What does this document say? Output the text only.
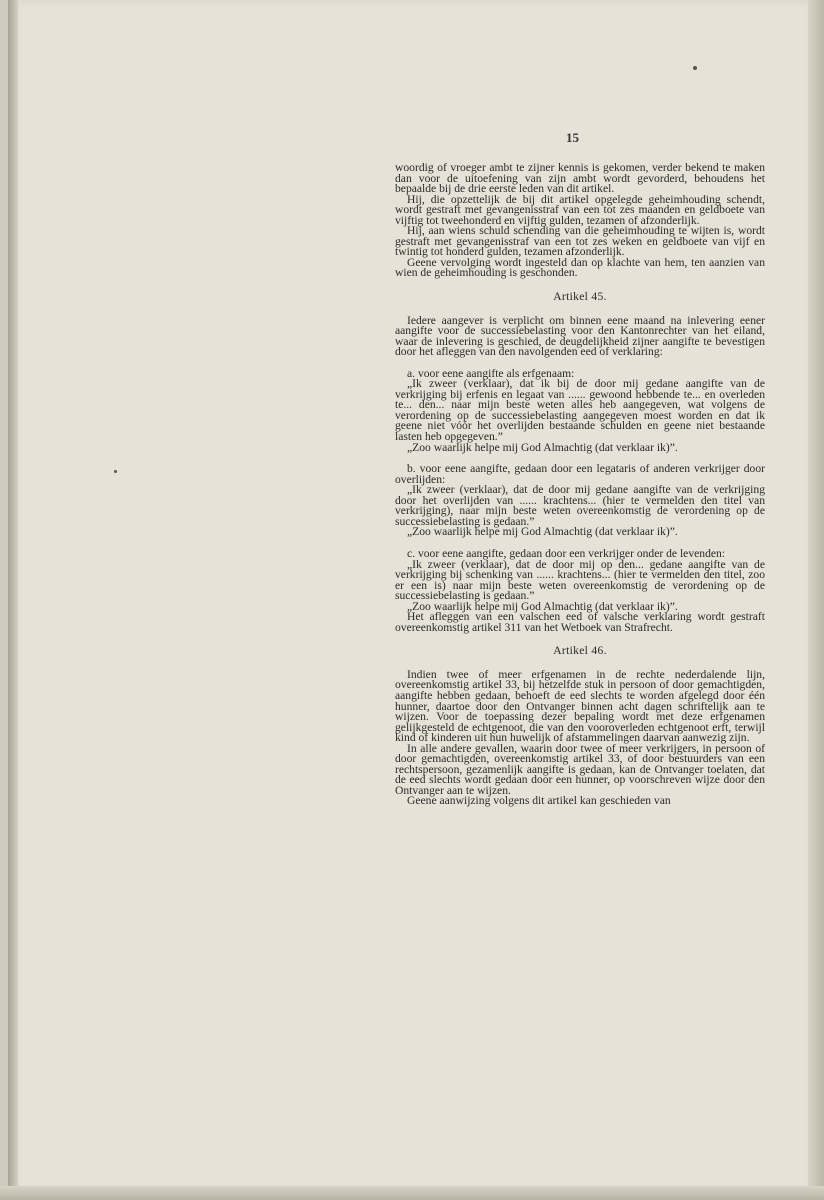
15

woordig of vroeger ambt te zijner kennis is gekomen, verder bekend te maken dan voor de uitoefening van zijn ambt wordt gevorderd, behoudens het bepaalde bij de drie eerste leden van dit artikel.

Hij, die opzettelijk de bij dit artikel opgelegde geheimhouding schendt, wordt gestraft met gevangenisstraf van een tot zes maanden en geldboete van vijftig tot tweehonderd en vijftig gulden, tezamen of afzonderlijk.

Hij, aan wiens schuld schending van die geheimhouding te wijten is, wordt gestraft met gevangenisstraf van een tot zes weken en geldboete van vijf en twintig tot honderd gulden, tezamen afzonderlijk.

Geene vervolging wordt ingesteld dan op klachte van hem, ten aanzien van wien de geheimhouding is geschonden.

Artikel 45.

Iedere aangever is verplicht om binnen eene maand na inlevering eener aangifte voor de successiebelasting voor den Kantonrechter van het eiland, waar de inlevering is geschied, de deugdelijkheid zijner aangifte te bevestigen door het afleggen van den navolgenden eed of verklaring:

a. voor eene aangifte als erfgenaam:

„Ik zweer (verklaar), dat ik bij de door mij gedane aangifte van de verkrijging bij erfenis en legaat van ...... gewoond hebbende te... en overleden te... den... naar mijn beste weten alles heb aangegeven, wat volgens de verordening op de successiebelasting aangegeven moest worden en dat ik geene niet vóór het overlijden bestaande schulden en geene niet bestaande lasten heb opgegeven.”

„Zoo waarlijk helpe mij God Almachtig (dat verklaar ik)”.

b. voor eene aangifte, gedaan door een legataris of anderen verkrijger door overlijden:

„Ik zweer (verklaar), dat de door mij gedane aangifte van de verkrijging door het overlijden van ...... krachtens... (hier te vermelden den titel van verkrijging), naar mijn beste weten overeenkomstig de verordening op de successiebelasting is gedaan.”

„Zoo waarlijk helpe mij God Almachtig (dat verklaar ik)”.

c. voor eene aangifte, gedaan door een verkrijger onder de levenden:

„Ik zweer (verklaar), dat de door mij op den... gedane aangifte van de verkrijging bij schenking van ...... krachtens... (hier te vermelden den titel, zoo er een is) naar mijn beste weten overeenkomstig de verordening op de successiebelasting is gedaan.”

„Zoo waarlijk helpe mij God Almachtig (dat verklaar ik)”.

Het afleggen van een valschen eed of valsche verklaring wordt gestraft overeenkomstig artikel 311 van het Wetboek van Strafrecht.

Artikel 46.

Indien twee of meer erfgenamen in de rechte nederdalende lijn, overeenkomstig artikel 33, bij hetzelfde stuk in persoon of door gemachtigden, aangifte hebben gedaan, behoeft de eed slechts te worden afgelegd door één hunner, daartoe door den Ontvanger binnen acht dagen schriftelijk aan te wijzen. Voor de toepassing dezer bepaling wordt met deze erfgenamen gelijkgesteld de echtgenoot, die van den vooroverleden echtgenoot erft, terwijl kind of kinderen uit hun huwelijk of afstammelingen daarvan aanwezig zijn.

In alle andere gevallen, waarin door twee of meer verkrijgers, in persoon of door gemachtigden, overeenkomstig artikel 33, of door bestuurders van een rechtspersoon, gezamenlijk aangifte is gedaan, kan de Ontvanger toelaten, dat de eed slechts wordt gedaan door een hunner, op voorschreven wijze door den Ontvanger aan te wijzen.

Geene aanwijzing volgens dit artikel kan geschieden van
